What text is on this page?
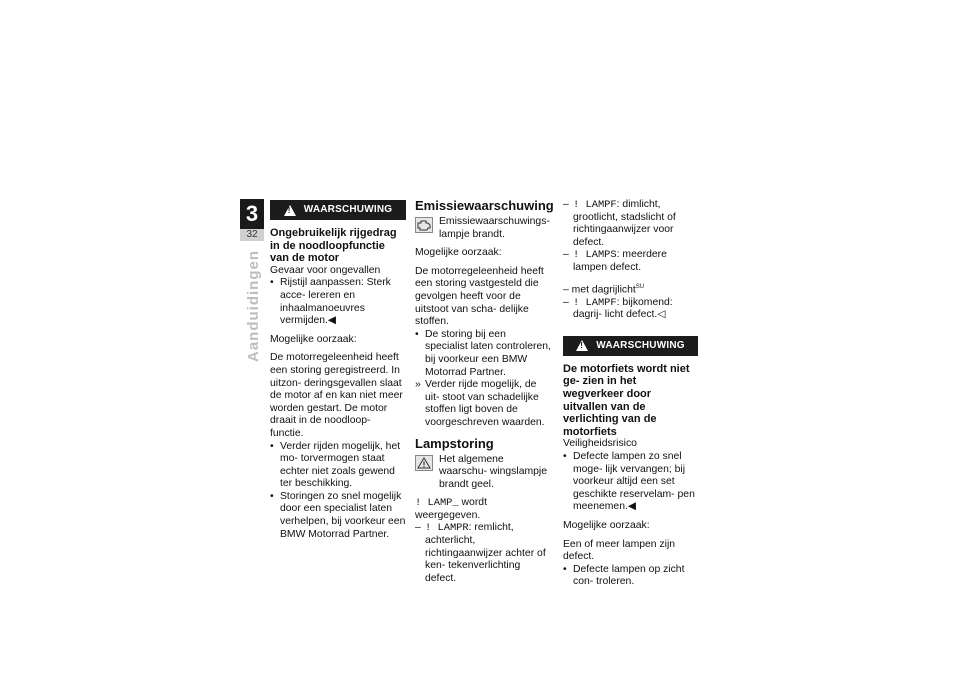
3
32
Aanduidingen
!
WAARSCHUWING
Ongebruikelijk rijgedrag in de noodloopfunctie van de motor

Gevaar voor ongevallen

• Rijstijl aanpassen: Sterk acce- lereren en inhaalmanoeuvres vermijden.◀

Mogelijke oorzaak:

De motorregeleenheid heeft een storing geregistreerd. In uitzon- deringsgevallen slaat de motor af en kan niet meer worden gestart. De motor draait in de noodloop- functie.

• Verder rijden mogelijk, het mo- torvermogen staat echter niet zoals gewend ter beschikking.
• Storingen zo snel mogelijk door een specialist laten verhelpen, bij voorkeur een BMW Motorrad Partner.
Emissiewaarschuwing

Emissiewaarschuwings- lampje brandt.

Mogelijke oorzaak:

De motorregeleenheid heeft een storing vastgesteld die gevolgen heeft voor de uitstoot van scha- delijke stoffen.

• De storing bij een specialist laten controleren, bij voorkeur een BMW Motorrad Partner.
» Verder rijde mogelijk, de uit- stoot van schadelijke stoffen ligt boven de voorgeschreven waarden.
Lampstoring

Het algemene waarschu- wingslampje brandt geel.

! LAMP_ wordt weergegeven.

– ! LAMPR: remlicht, achterlicht, richtingaanwijzer achter of ken- tekenverlichting defect.

– ! LAMPF: dimlicht, grootlicht, stadslicht of richtingaanwijzer voor defect.

– ! LAMPS: meerdere lampen defect.

– met dagrijlicht$^{SU}$

– ! LAMPF: bijkomend: dagrij- licht defect.◁

!
WAARSCHUWING
De motorfiets wordt niet ge- zien in het wegverkeer door uitvallen van de verlichting van de motorfiets

Veiligheidsrisico

• Defecte lampen zo snel moge- lijk vervangen; bij voorkeur altijd een set geschikte reservelam- pen meenemen.◀

Mogelijke oorzaak:

Een of meer lampen zijn defect.

• Defecte lampen op zicht con- troleren.
